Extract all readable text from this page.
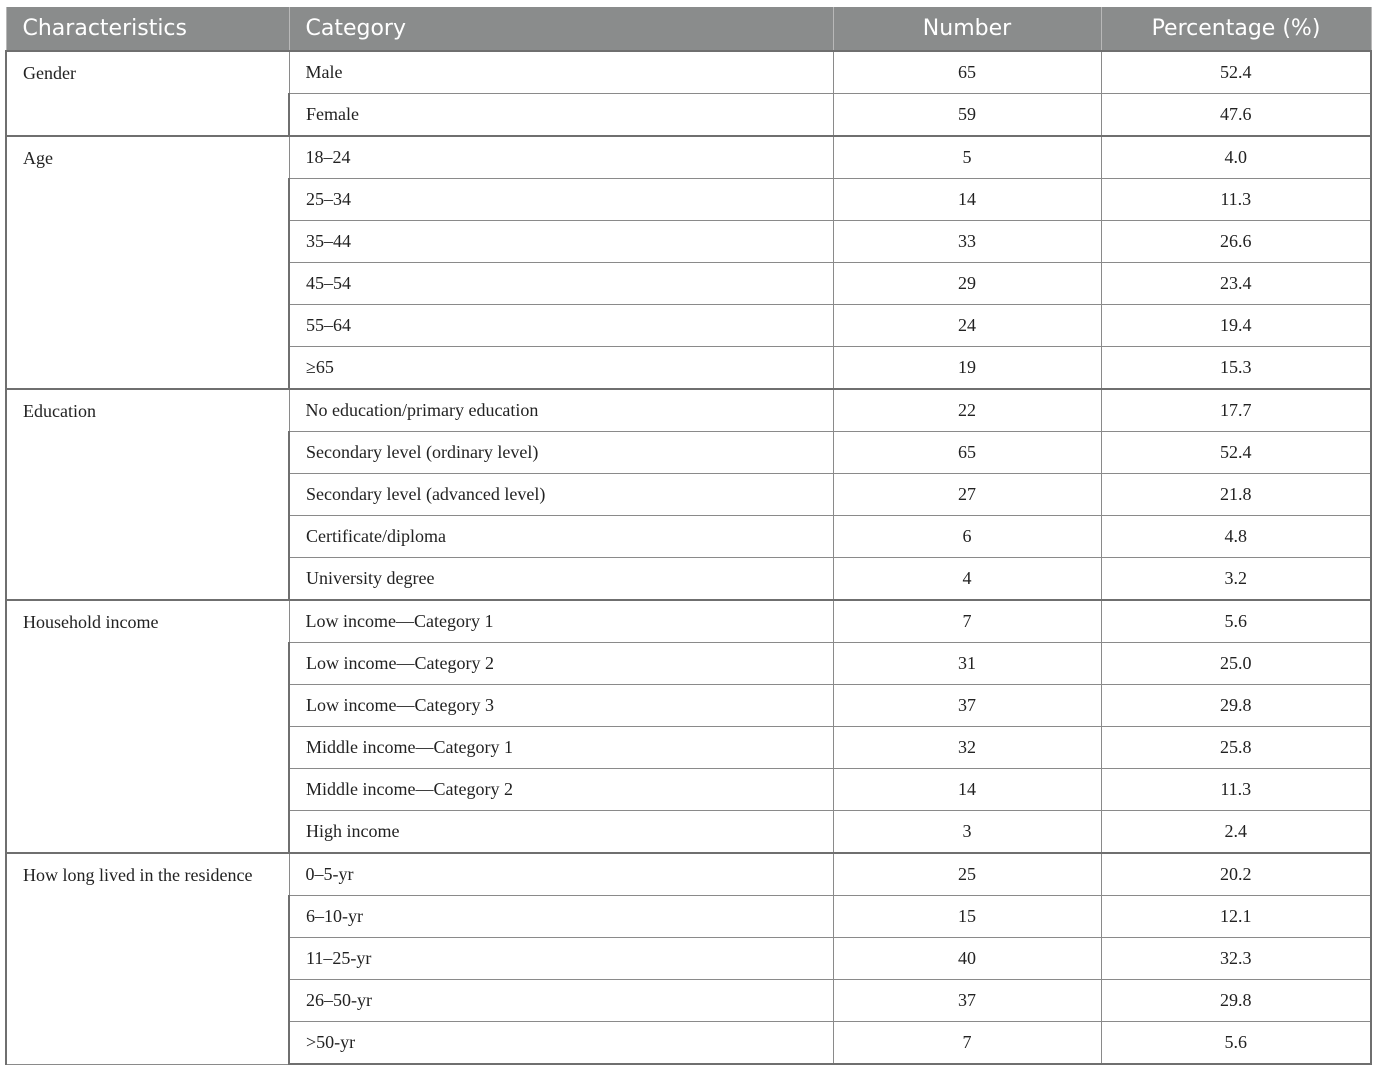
Characteristics	Category	Number	Percentage (%)
Gender	Male	65	52.4
	Female	59	47.6
Age	18–24	5	4.0
	25–34	14	11.3
	35–44	33	26.6
	45–54	29	23.4
	55–64	24	19.4
	≥65	19	15.3
Education	No education/primary education	22	17.7
	Secondary level (ordinary level)	65	52.4
	Secondary level (advanced level)	27	21.8
	Certificate/diploma	6	4.8
	University degree	4	3.2
Household income	Low income—Category 1	7	5.6
	Low income—Category 2	31	25.0
	Low income—Category 3	37	29.8
	Middle income—Category 1	32	25.8
	Middle income—Category 2	14	11.3
	High income	3	2.4
How long lived in the residence	0–5-yr	25	20.2
	6–10-yr	15	12.1
	11–25-yr	40	32.3
	26–50-yr	37	29.8
	>50-yr	7	5.6
